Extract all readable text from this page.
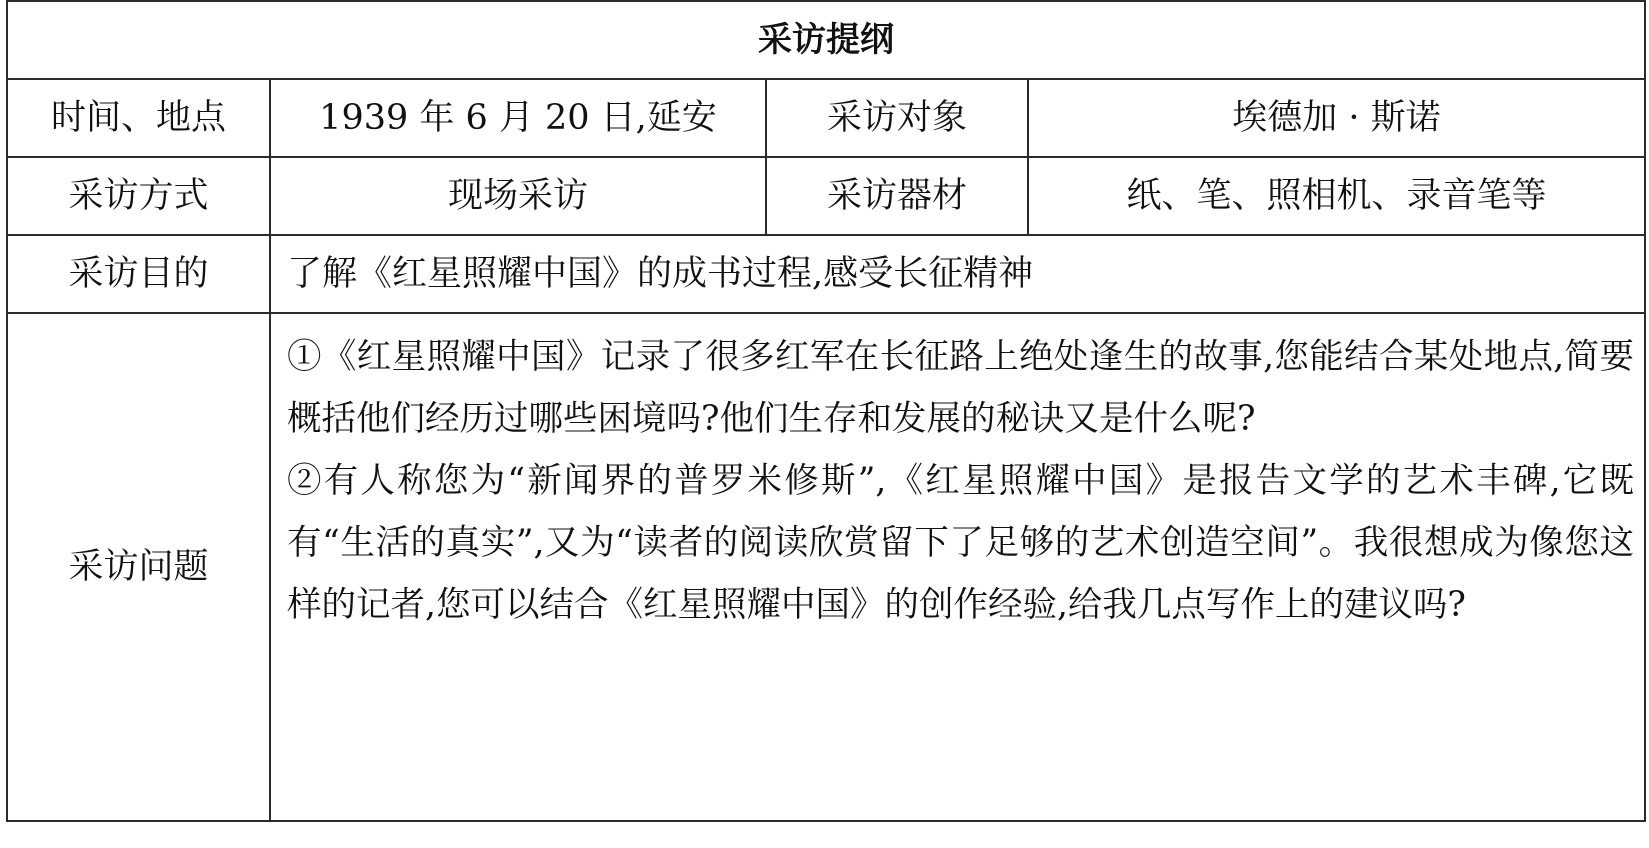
采访提纲			
时间、地点	1939 年 6 月 20 日,延安	采访对象	埃德加 · 斯诺
采访方式	现场采访	采访器材	纸、笔、照相机、录音笔等
采访目的	了解《红星照耀中国》的成书过程,感受长征精神		
采访问题	①《红星照耀中国》记录了很多红军在长征路上绝处逢生的故事,您能结合某处地点,简要概括他们经历过哪些困境吗?他们生存和发展的秘诀又是什么呢?

②有人称您为“新闻界的普罗米修斯”,《红星照耀中国》是报告文学的艺术丰碑,它既有“生活的真实”,又为“读者的阅读欣赏留下了足够的艺术创造空间”。我很想成为像您这样的记者,您可以结合《红星照耀中国》的创作经验,给我几点写作上的建议吗?		
